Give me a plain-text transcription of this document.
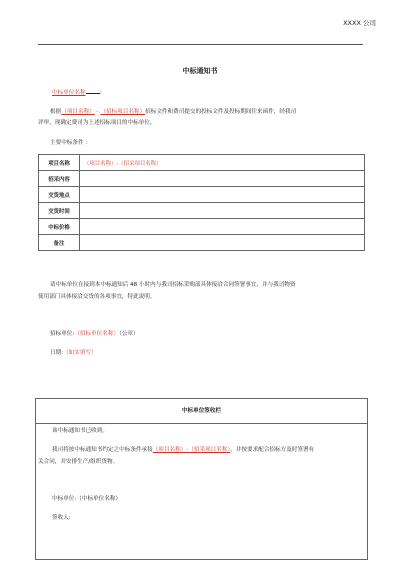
XXXX 公司
中标通知书
中标单位名称	：
根据（项目名称） - （招标项目名称）招标文件和费司提交的投标文件及投标期间往来函件，经我司
评审，现确定费司为上述招标项目的中标单位。
主要中标条件 ：
项目名称	（项目名称）-（招采项目名称）
招采内容	
交货地点	
交货时间	
中标价格	
备注	
请中标单位在接到本中标通知后 48 小时内与我司招标采购部具体接洽合同签署事宜，并与我司物资
使用部门具体接洽交货的各项事宜，特此说明。
招标单位:（招标单位名称）（公章）
日期:（如实填写）
中标单位签收栏
该中标通知书已收到。
我司将按中标通知书约定之中标条件承接（项目名称）-（招采项目名称），并按要求配合招标方及时签署有
关合同，并安排生产/组织货物。
中标单位:（中标单位名称）
签收人:
